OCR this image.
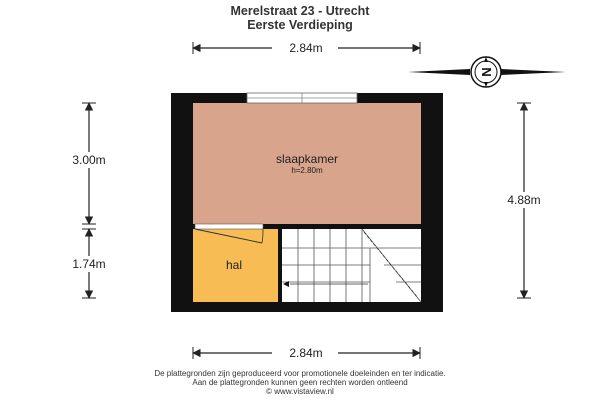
Merelstraat 23 - Utrecht
Eerste Verdieping
2.84m
N
3.00m
1.74m
4.88m
slaapkamer
h=2.80m
hal
2.84m
De plattegronden zijn geproduceerd voor promotionele doeleinden en ter indicatie.
Aan de plattegronden kunnen geen rechten worden ontleend
© www.vistaview.nl
